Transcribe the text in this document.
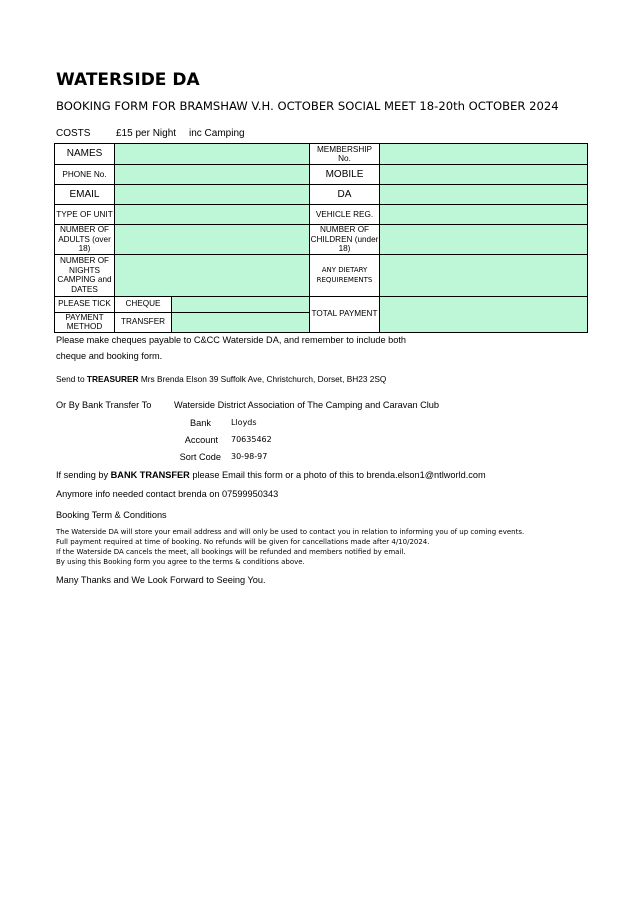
WATERSIDE DA
BOOKING FORM FOR BRAMSHAW V.H. OCTOBER SOCIAL MEET 18-20th OCTOBER 2024
COSTS	£15 per Night inc Camping
NAMES			MEMBERSHIP No.	
PHONE No.			MOBILE	
EMAIL			DA	
TYPE OF UNIT			VEHICLE REG.	
NUMBER OF ADULTS (over 18)			NUMBER OF CHILDREN (under 18)	
NUMBER OF NIGHTS CAMPING and DATES			ANY DIETARY REQUIREMENTS	
PLEASE TICK	CHEQUE		TOTAL PAYMENT	
PAYMENT METHOD	TRANSFER			
Please make cheques payable to C&CC Waterside DA, and remember to include both
cheque and booking form.
Send to TREASURER Mrs Brenda Elson 39 Suffolk Ave, Christchurch, Dorset, BH23 2SQ
Or By Bank Transfer To Waterside District Association of The Camping and Caravan Club
Bank	Lloyds
Account 70635462
Sort Code 30-98-97
If sending by BANK TRANSFER please Email this form or a photo of this to brenda.elson1@ntlworld.com
Anymore info needed contact brenda on 07599950343
Booking Term & Conditions
The Waterside DA will store your email address and will only be used to contact you in relation to informing you of up coming events.
Full payment required at time of booking. No refunds will be given for cancellations made after 4/10/2024.
If the Waterside DA cancels the meet, all bookings will be refunded and members notified by email.
By using this Booking form you agree to the terms & conditions above.
Many Thanks and We Look Forward to Seeing You.
